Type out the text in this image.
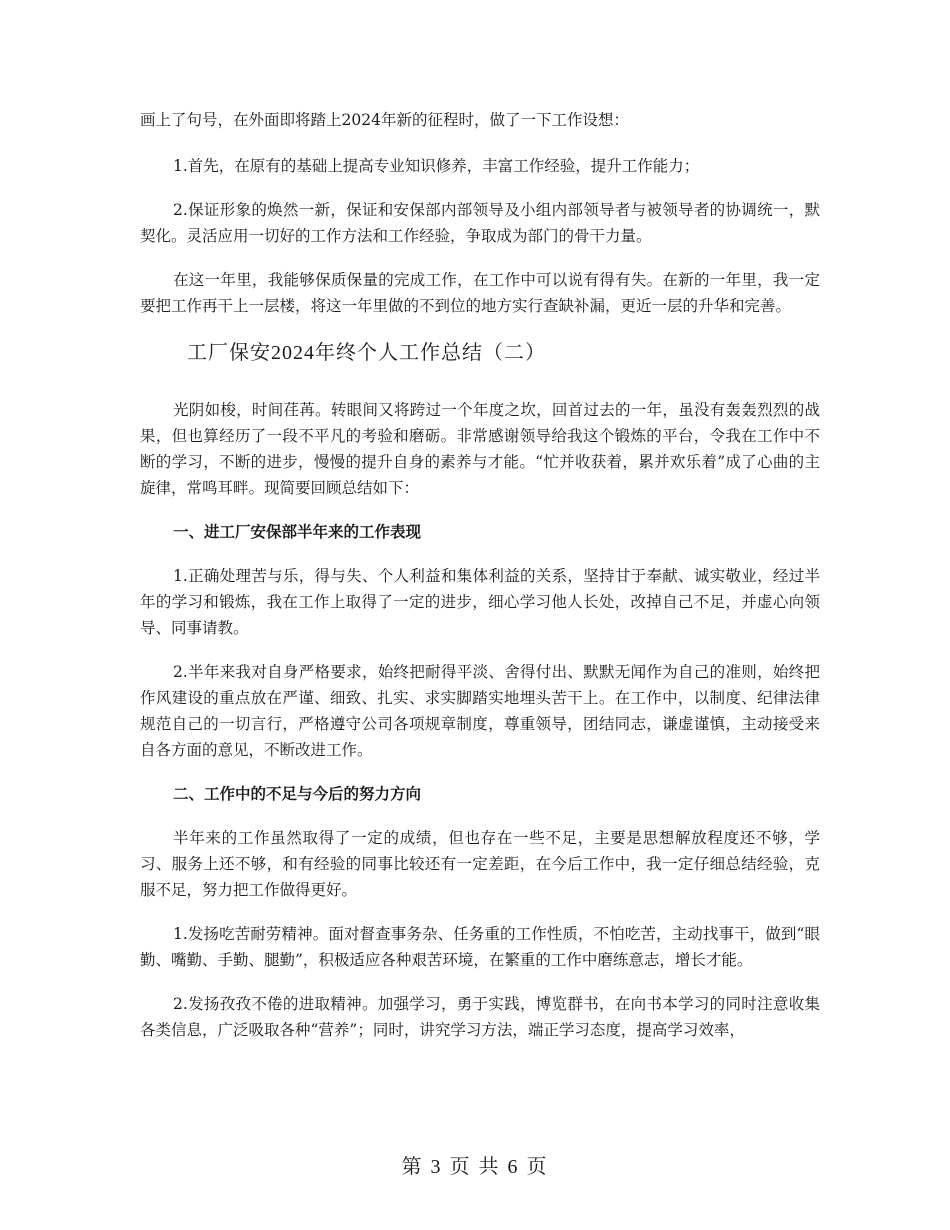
画上了句号，在外面即将踏上2024年新的征程时，做了一下工作设想：

1.首先，在原有的基础上提高专业知识修养，丰富工作经验，提升工作能力；

2.保证形象的焕然一新，保证和安保部内部领导及小组内部领导者与被领导者的协调统一，默契化。灵活应用一切好的工作方法和工作经验，争取成为部门的骨干力量。

在这一年里，我能够保质保量的完成工作，在工作中可以说有得有失。在新的一年里，我一定要把工作再干上一层楼，将这一年里做的不到位的地方实行查缺补漏，更近一层的升华和完善。

工厂保安2024年终个人工作总结（二）

光阴如梭，时间荏苒。转眼间又将跨过一个年度之坎，回首过去的一年，虽没有轰轰烈烈的战果，但也算经历了一段不平凡的考验和磨砺。非常感谢领导给我这个锻炼的平台，令我在工作中不断的学习，不断的进步，慢慢的提升自身的素养与才能。“忙并收获着，累并欢乐着”成了心曲的主旋律，常鸣耳畔。现简要回顾总结如下：

一、进工厂安保部半年来的工作表现

1.正确处理苦与乐，得与失、个人利益和集体利益的关系，坚持甘于奉献、诚实敬业，经过半年的学习和锻炼，我在工作上取得了一定的进步，细心学习他人长处，改掉自己不足，并虚心向领导、同事请教。

2.半年来我对自身严格要求，始终把耐得平淡、舍得付出、默默无闻作为自己的准则，始终把作风建设的重点放在严谨、细致、扎实、求实脚踏实地埋头苦干上。在工作中，以制度、纪律法律规范自己的一切言行，严格遵守公司各项规章制度，尊重领导，团结同志，谦虚谨慎，主动接受来自各方面的意见，不断改进工作。

二、工作中的不足与今后的努力方向

半年来的工作虽然取得了一定的成绩，但也存在一些不足，主要是思想解放程度还不够，学习、服务上还不够，和有经验的同事比较还有一定差距，在今后工作中，我一定仔细总结经验，克服不足，努力把工作做得更好。

1.发扬吃苦耐劳精神。面对督查事务杂、任务重的工作性质，不怕吃苦，主动找事干，做到“眼勤、嘴勤、手勤、腿勤”，积极适应各种艰苦环境，在繁重的工作中磨练意志，增长才能。

2.发扬孜孜不倦的进取精神。加强学习，勇于实践，博览群书，在向书本学习的同时注意收集各类信息，广泛吸取各种“营养”；同时，讲究学习方法，端正学习态度，提高学习效率，

第 3 页 共 6 页
